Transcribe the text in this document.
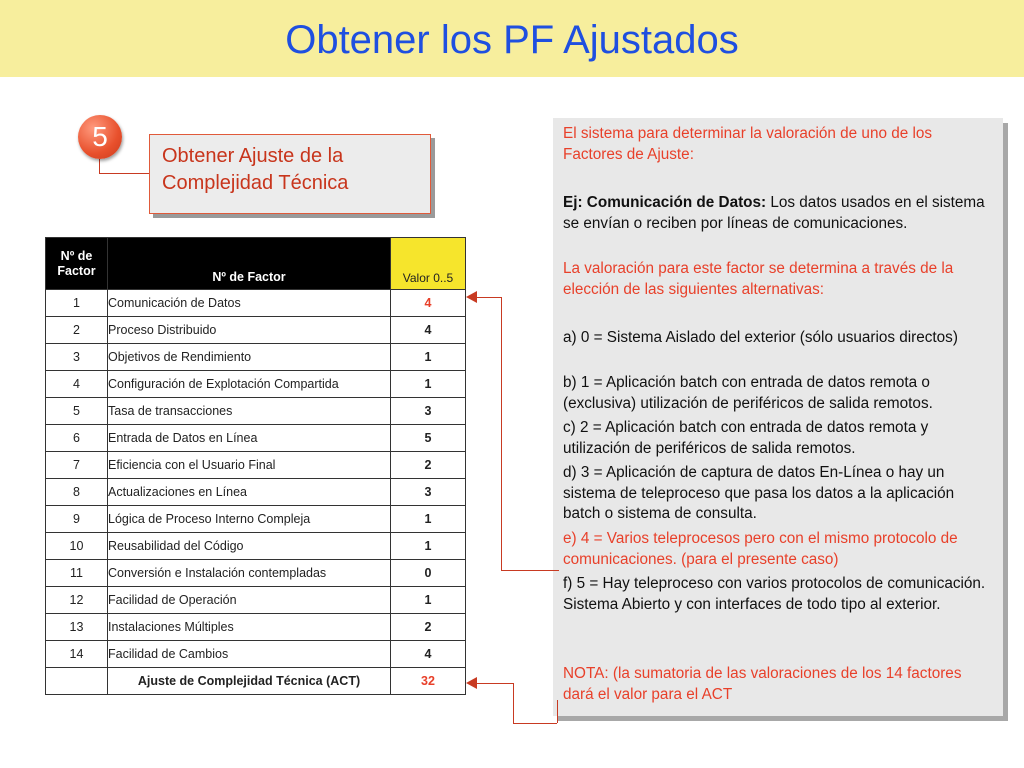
Obtener los PF Ajustados
5
Obtener Ajuste de la Complejidad Técnica
Nº de Factor	Nº de Factor	Valor 0..5
1	Comunicación de Datos	4
2	Proceso Distribuido	4
3	Objetivos de Rendimiento	1
4	Configuración de Explotación Compartida	1
5	Tasa de transacciones	3
6	Entrada de Datos en Línea	5
7	Eficiencia con el Usuario Final	2
8	Actualizaciones en Línea	3
9	Lógica de Proceso Interno Compleja	1
10	Reusabilidad del Código	1
11	Conversión e Instalación contempladas	0
12	Facilidad de Operación	1
13	Instalaciones Múltiples	2
14	Facilidad de Cambios	4
	Ajuste de Complejidad Técnica (ACT)	32

El sistema para determinar la valoración de uno de los Factores de Ajuste:

Ej: Comunicación de Datos: Los datos usados en el sistema se envían o reciben por líneas de comunicaciones.

La valoración para este factor se determina a través de la elección de las siguientes alternativas:

a) 0 = Sistema Aislado del exterior (sólo usuarios directos)

b) 1 = Aplicación batch con entrada de datos remota o (exclusiva) utilización de periféricos de salida remotos.

c) 2 = Aplicación batch con entrada de datos remota y utilización de periféricos de salida remotos.

d) 3 = Aplicación de captura de datos En-Línea o hay un sistema de teleproceso que pasa los datos a la aplicación batch o sistema de consulta.

e) 4 = Varios teleprocesos pero con el mismo protocolo de comunicaciones. (para el presente caso)

f) 5 = Hay teleproceso con varios protocolos de comunicación. Sistema Abierto y con interfaces de todo tipo al exterior.

NOTA: (la sumatoria de las valoraciones de los 14 factores dará el valor para el ACT
